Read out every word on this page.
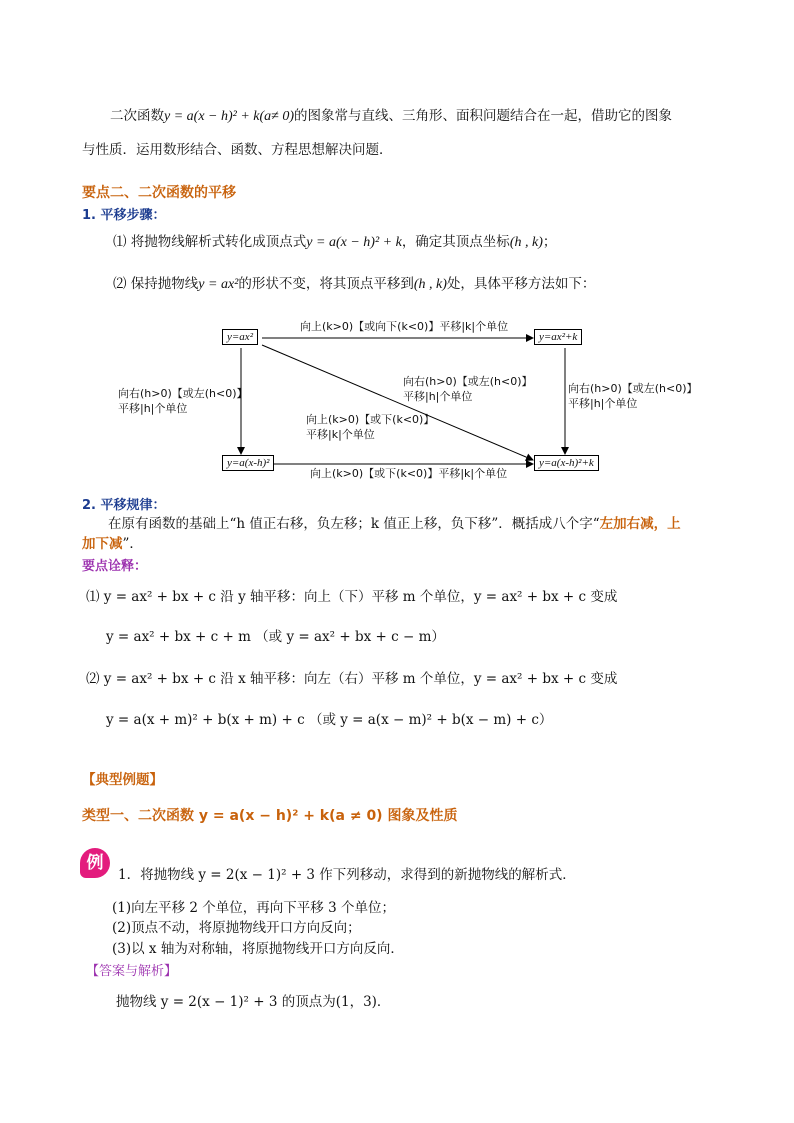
二次函数y = a(x − h)² + k(a≠ 0)的图象常与直线、三角形、面积问题结合在一起，借助它的图象
与性质．运用数形结合、函数、方程思想解决问题．
要点二、二次函数的平移
1. 平移步骤：
⑴ 将抛物线解析式转化成顶点式y = a(x − h)² + k，确定其顶点坐标(h , k)；
⑵ 保持抛物线y = ax²的形状不变，将其顶点平移到(h , k)处，具体平移方法如下：
y=ax²	y=ax²+k
y=a(x-h)²	y=a(x-h)²+k
向上(k>0)【或向下(k<0)】平移|k|个单位
向上(k>0)【或下(k<0)】平移|k|个单位
向右(h>0)【或左(h<0)】
平移|h|个单位
向右(h>0)【或左(h<0)】
平移|h|个单位
向右(h>0)【或左(h<0)】
平移|h|个单位
向上(k>0)【或下(k<0)】
平移|k|个单位
2. 平移规律：
在原有函数的基础上“h 值正右移，负左移；k 值正上移，负下移”．概括成八个字“左加右减，上
加下减”．
要点诠释：
⑴ y = ax² + bx + c 沿 y 轴平移：向上（下）平移 m 个单位，y = ax² + bx + c 变成
y = ax² + bx + c + m （或 y = ax² + bx + c − m）
⑵ y = ax² + bx + c 沿 x 轴平移：向左（右）平移 m 个单位，y = ax² + bx + c 变成
y = a(x + m)² + b(x + m) + c （或 y = a(x − m)² + b(x − m) + c）
【典型例题】
类型一、二次函数 y = a(x − h)² + k(a ≠ 0) 图象及性质
例
1．将抛物线 y = 2(x − 1)² + 3 作下列移动，求得到的新抛物线的解析式．
(1)向左平移 2 个单位，再向下平移 3 个单位；
(2)顶点不动，将原抛物线开口方向反向；
(3)以 x 轴为对称轴，将原抛物线开口方向反向．
【答案与解析】
抛物线 y = 2(x − 1)² + 3 的顶点为(1，3)．
